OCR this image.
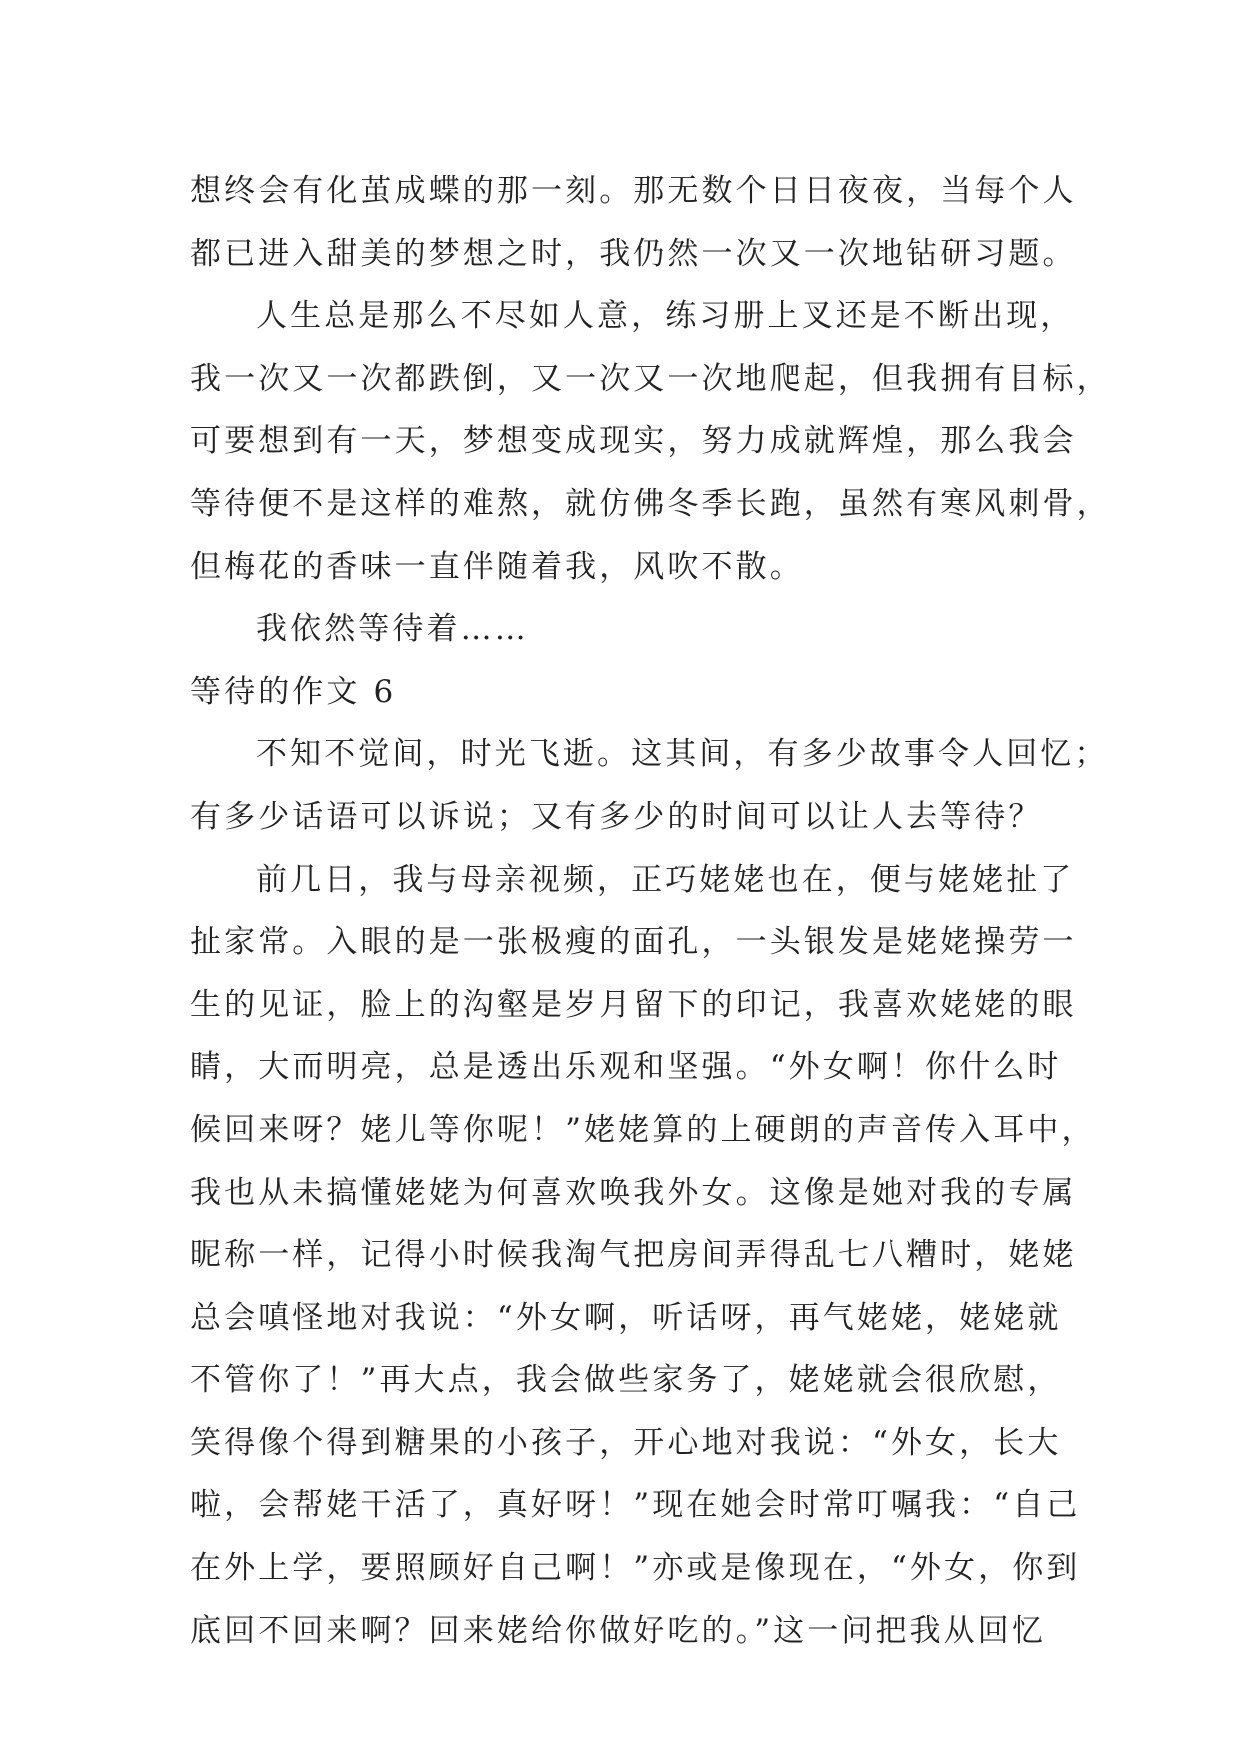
想终会有化茧成蝶的那一刻。那无数个日日夜夜，当每个人
都已进入甜美的梦想之时，我仍然一次又一次地钻研习题。
人生总是那么不尽如人意，练习册上叉还是不断出现，
我一次又一次都跌倒，又一次又一次地爬起，但我拥有目标，
可要想到有一天，梦想变成现实，努力成就辉煌，那么我会
等待便不是这样的难熬，就仿佛冬季长跑，虽然有寒风刺骨，
但梅花的香味一直伴随着我，风吹不散。
我依然等待着……
等待的作文 6
不知不觉间，时光飞逝。这其间，有多少故事令人回忆；
有多少话语可以诉说；又有多少的时间可以让人去等待？
前几日，我与母亲视频，正巧姥姥也在，便与姥姥扯了
扯家常。入眼的是一张极瘦的面孔，一头银发是姥姥操劳一
生的见证，脸上的沟壑是岁月留下的印记，我喜欢姥姥的眼
睛，大而明亮，总是透出乐观和坚强。“外女啊！你什么时
候回来呀？姥儿等你呢！”姥姥算的上硬朗的声音传入耳中，
我也从未搞懂姥姥为何喜欢唤我外女。这像是她对我的专属
昵称一样，记得小时候我淘气把房间弄得乱七八糟时，姥姥
总会嗔怪地对我说：“外女啊，听话呀，再气姥姥，姥姥就
不管你了！”再大点，我会做些家务了，姥姥就会很欣慰，
笑得像个得到糖果的小孩子，开心地对我说：“外女，长大
啦，会帮姥干活了，真好呀！”现在她会时常叮嘱我：“自己
在外上学，要照顾好自己啊！”亦或是像现在，“外女，你到
底回不回来啊？回来姥给你做好吃的。”这一问把我从回忆
